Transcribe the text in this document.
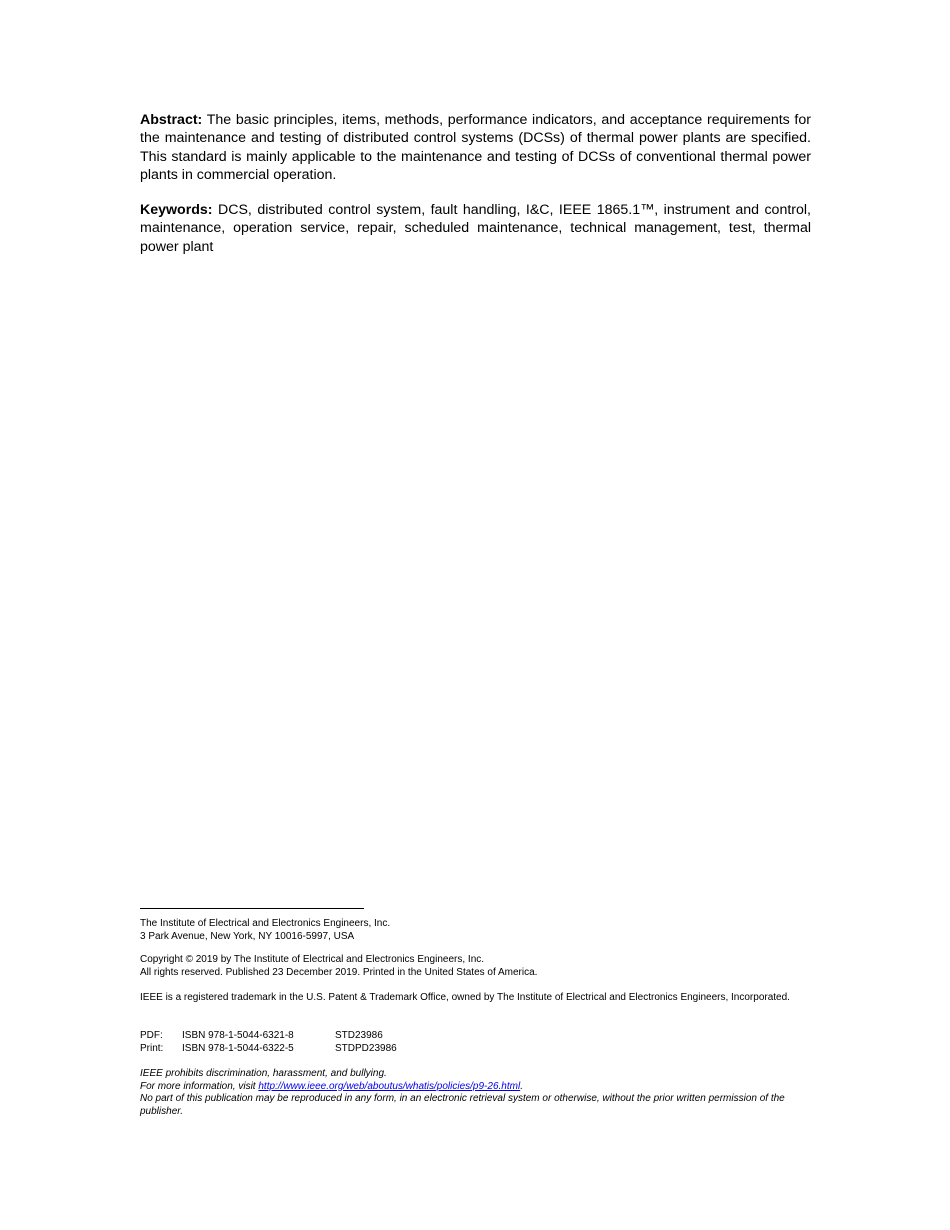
Abstract: The basic principles, items, methods, performance indicators, and acceptance requirements for the maintenance and testing of distributed control systems (DCSs) of thermal power plants are specified. This standard is mainly applicable to the maintenance and testing of DCSs of conventional thermal power plants in commercial operation.

Keywords: DCS, distributed control system, fault handling, I&C, IEEE 1865.1™, instrument and control, maintenance, operation service, repair, scheduled maintenance, technical management, test, thermal power plant

The Institute of Electrical and Electronics Engineers, Inc.
3 Park Avenue, New York, NY 10016-5997, USA
Copyright © 2019 by The Institute of Electrical and Electronics Engineers, Inc.
All rights reserved. Published 23 December 2019. Printed in the United States of America.
IEEE is a registered trademark in the U.S. Patent & Trademark Office, owned by The Institute of Electrical and Electronics Engineers, Incorporated.
PDF:	ISBN 978-1-5044-6321-8	STD23986
Print:	ISBN 978-1-5044-6322-5	STDPD23986
IEEE prohibits discrimination, harassment, and bullying.
For more information, visit http://www.ieee.org/web/aboutus/whatis/policies/p9-26.html.
No part of this publication may be reproduced in any form, in an electronic retrieval system or otherwise, without the prior written permission of the publisher.
